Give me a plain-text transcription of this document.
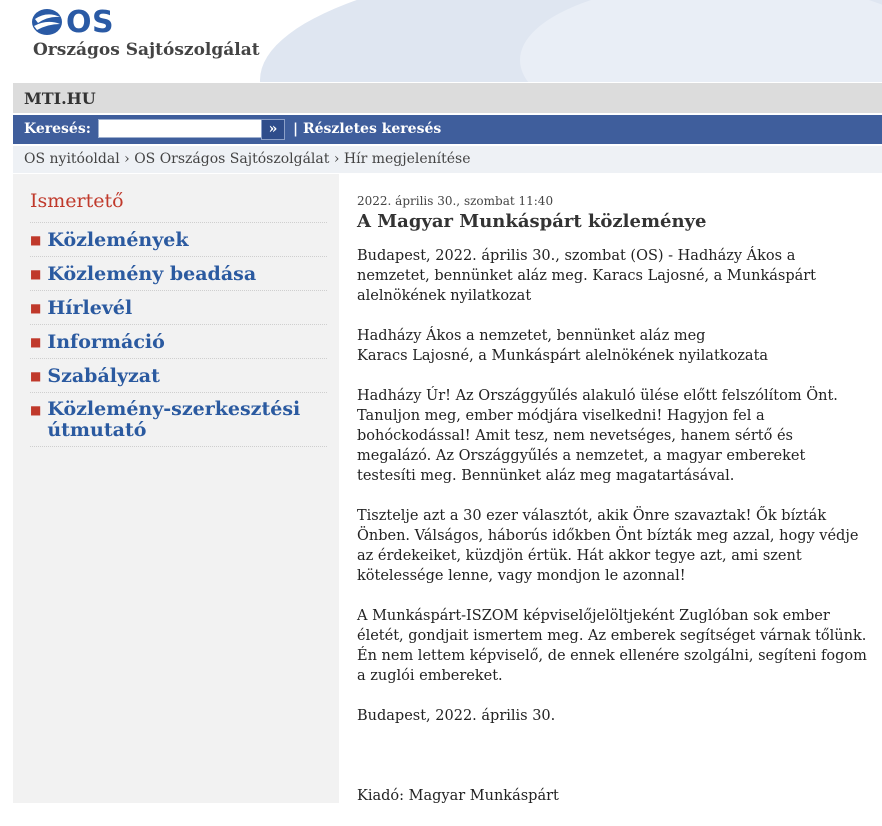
OS
Országos Sajtószolgálat
MTI.HU
Keresés:	»	| Részletes keresés
OS nyitóoldal › OS Országos Sajtószolgálat › Hír megjelenítése
Ismertető
■ Közlemények
■ Közlemény beadása
■ Hírlevél
■ Információ
■ Szabályzat
■ Közlemény-szerkesztési útmutató
2022. április 30., szombat 11:40
A Magyar Munkáspárt közleménye

Budapest, 2022. április 30., szombat (OS) - Hadházy Ákos a nemzetet, bennünket aláz meg. Karacs Lajosné, a Munkáspárt alelnökének nyilatkozat

Hadházy Ákos a nemzetet, bennünket aláz meg
Karacs Lajosné, a Munkáspárt alelnökének nyilatkozata

Hadházy Úr! Az Országgyűlés alakuló ülése előtt felszólítom Önt. Tanuljon meg, ember módjára viselkedni! Hagyjon fel a bohóckodással! Amit tesz, nem nevetséges, hanem sértő és megalázó. Az Országgyűlés a nemzetet, a magyar embereket testesíti meg. Bennünket aláz meg magatartásával.

Tisztelje azt a 30 ezer választót, akik Önre szavaztak! Ők bízták Önben. Válságos, háborús időkben Önt bízták meg azzal, hogy védje az érdekeiket, küzdjön értük. Hát akkor tegye azt, ami szent kötelessége lenne, vagy mondjon le azonnal!

A Munkáspárt-ISZOM képviselőjelöltjeként Zuglóban sok ember életét, gondjait ismertem meg. Az emberek segítséget várnak tőlünk. Én nem lettem képviselő, de ennek ellenére szolgálni, segíteni fogom a zuglói embereket.

Budapest, 2022. április 30.

Kiadó: Magyar Munkáspárt
